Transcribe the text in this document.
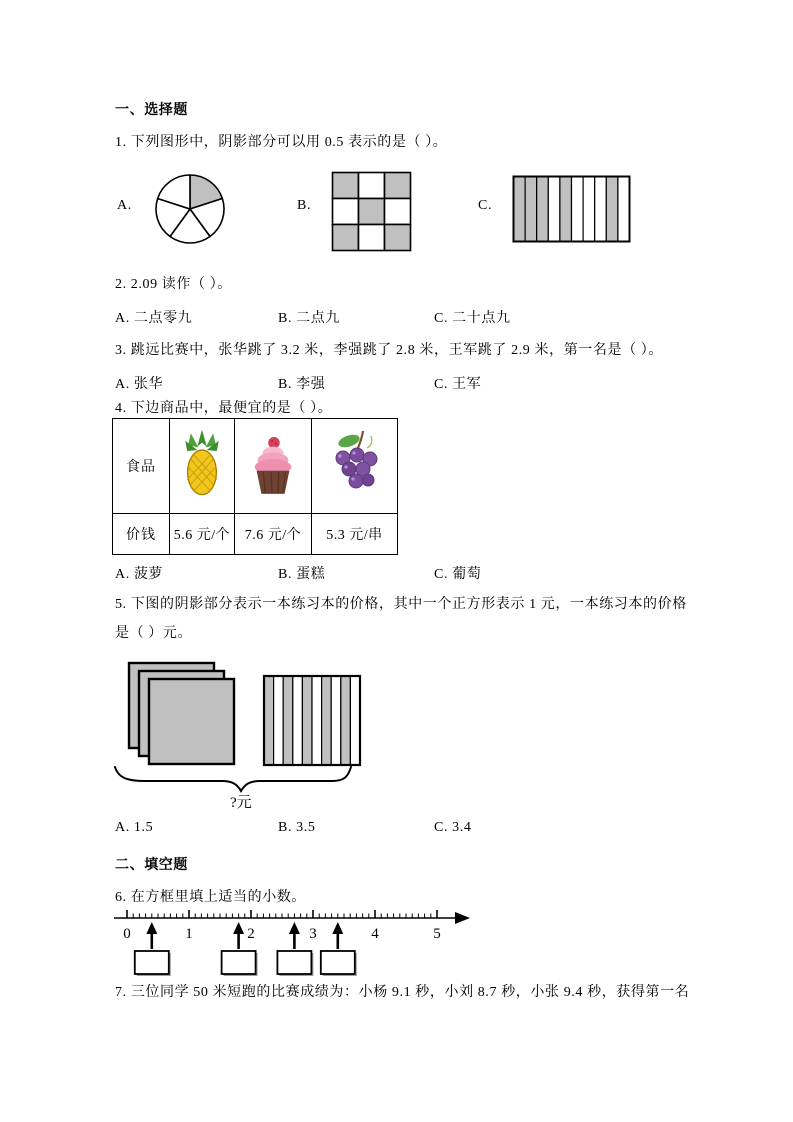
一、选择题
1. 下列图形中，阴影部分可以用 0.5 表示的是（ ）。
A.	B.	C.
2. 2.09 读作（ ）。
A. 二点零九	B. 二点九	C. 二十点九
3. 跳远比赛中，张华跳了 3.2 米，李强跳了 2.8 米，王军跳了 2.9 米，第一名是（ ）。
A. 张华	B. 李强	C. 王军
4. 下边商品中，最便宜的是（ ）。
食品			
价钱	5.6 元/个	7.6 元/个	5.3 元/串
A. 菠萝	B. 蛋糕	C. 葡萄
5. 下图的阴影部分表示一本练习本的价格，其中一个正方形表示 1 元，一本练习本的价格
是（ ）元。
?元
A. 1.5	B. 3.5	C. 3.4
二、填空题
6. 在方框里填上适当的小数。
0	1	2	3	4	5
7. 三位同学 50 米短跑的比赛成绩为：小杨 9.1 秒，小刘 8.7 秒，小张 9.4 秒，获得第一名
